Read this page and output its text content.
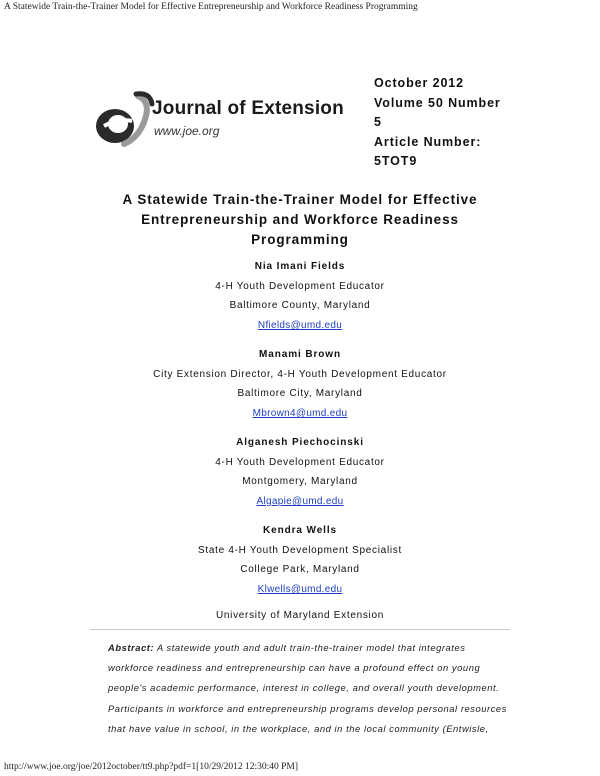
A Statewide Train-the-Trainer Model for Effective Entrepreneurship and Workforce Readiness Programming
Journal of Extension
www.joe.org
October 2012
Volume 50 Number
5
Article Number:
5TOT9
A Statewide Train-the-Trainer Model for Effective
Entrepreneurship and Workforce Readiness
Programming
Nia Imani Fields
4-H Youth Development Educator
Baltimore County, Maryland
Nfields@umd.edu
Manami Brown
City Extension Director, 4-H Youth Development Educator
Baltimore City, Maryland
Mbrown4@umd.edu
Alganesh Piechocinski
4-H Youth Development Educator
Montgomery, Maryland
Algapie@umd.edu
Kendra Wells
State 4-H Youth Development Specialist
College Park, Maryland
Klwells@umd.edu
University of Maryland Extension
Abstract: A statewide youth and adult train-the-trainer model that integrates
workforce readiness and entrepreneurship can have a profound effect on young
people's academic performance, interest in college, and overall youth development.
Participants in workforce and entrepreneurship programs develop personal resources
that have value in school, in the workplace, and in the local community (Entwisle,
http://www.joe.org/joe/2012october/tt9.php?pdf=1[10/29/2012 12:30:40 PM]
